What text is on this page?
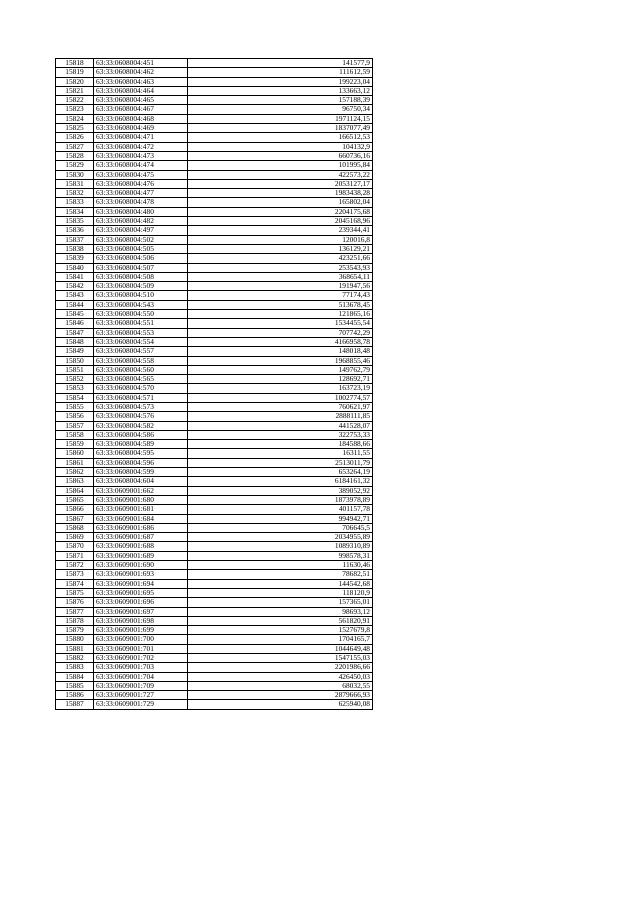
15818	63:33:0608004:451	141577,9
15819	63:33:0608004:462	111612,59
15820	63:33:0608004:463	199223,04
15821	63:33:0608004:464	133663,12
15822	63:33:0608004:465	157188,39
15823	63:33:0608004:467	96750,34
15824	63:33:0608004:468	1971124,15
15825	63:33:0608004:469	1837077,49
15826	63:33:0608004:471	166512,53
15827	63:33:0608004:472	104132,9
15828	63:33:0608004:473	660736,16
15829	63:33:0608004:474	101995,84
15830	63:33:0608004:475	422573,22
15831	63:33:0608004:476	2053127,17
15832	63:33:0608004:477	1983438,28
15833	63:33:0608004:478	165802,04
15834	63:33:0608004:480	2204175,68
15835	63:33:0608004:482	2045168,96
15836	63:33:0608004:497	239344,41
15837	63:33:0608004:502	120016,8
15838	63:33:0608004:505	136129,21
15839	63:33:0608004:506	423251,66
15840	63:33:0608004:507	253543,93
15841	63:33:0608004:508	368654,11
15842	63:33:0608004:509	191947,56
15843	63:33:0608004:510	77174,43
15844	63:33:0608004:543	513678,45
15845	63:33:0608004:550	121865,16
15846	63:33:0608004:551	1534455,54
15847	63:33:0608004:553	707742,29
15848	63:33:0608004:554	4166958,78
15849	63:33:0608004:557	148018,48
15850	63:33:0608004:558	1968855,46
15851	63:33:0608004:560	149762,79
15852	63:33:0608004:565	128692,71
15853	63:33:0608004:570	163723,19
15854	63:33:0608004:571	1002774,57
15855	63:33:0608004:573	760621,97
15856	63:33:0608004:576	2888111,85
15857	63:33:0608004:582	441528,07
15858	63:33:0608004:586	322753,33
15859	63:33:0608004:589	184588,66
15860	63:33:0608004:595	16311,55
15861	63:33:0608004:596	2513011,79
15862	63:33:0608004:599	653264,19
15863	63:33:0608004:604	6184161,32
15864	63:33:0609001:662	389052,92
15865	63:33:0609001:680	1873978,89
15866	63:33:0609001:681	401157,78
15867	63:33:0609001:684	994942,71
15868	63:33:0609001:686	706645,5
15869	63:33:0609001:687	2034955,89
15870	63:33:0609001:688	1089310,89
15871	63:33:0609001:689	998578,31
15872	63:33:0609001:690	11630,46
15873	63:33:0609001:693	78682,51
15874	63:33:0609001:694	144542,68
15875	63:33:0609001:695	118120,9
15876	63:33:0609001:696	157365,01
15877	63:33:0609001:697	98693,12
15878	63:33:0609001:698	561820,91
15879	63:33:0609001:699	1527679,8
15880	63:33:0609001:700	1704165,7
15881	63:33:0609001:701	1044649,48
15882	63:33:0609001:702	1547155,03
15883	63:33:0609001:703	2201986,66
15884	63:33:0609001:704	426450,03
15885	63:33:0609001:709	68032,55
15886	63:33:0609001:727	2879666,93
15887	63:33:0609001:729	625940,08
